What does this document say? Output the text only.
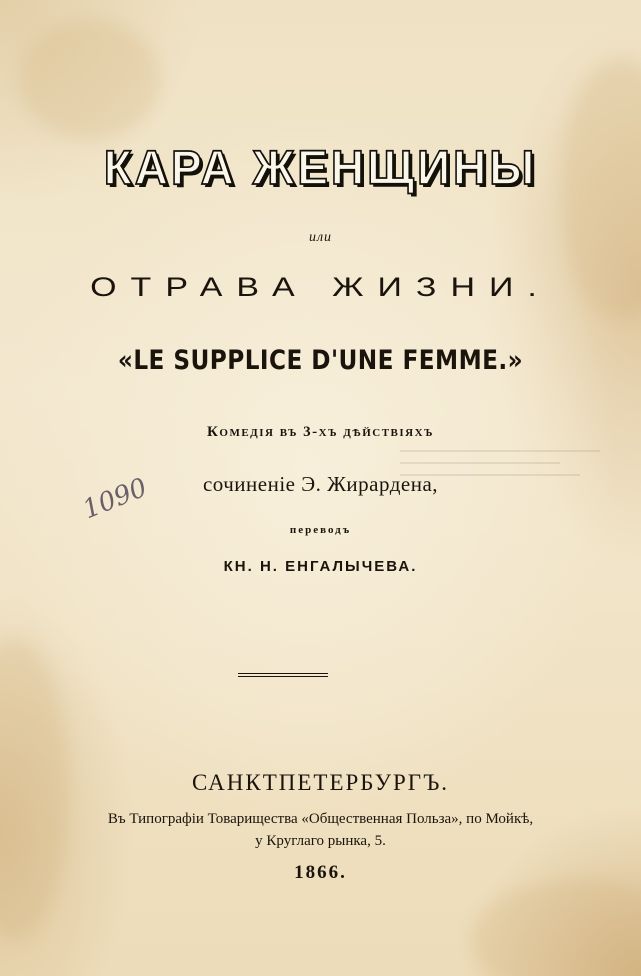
КАРА ЖЕНЩИНЫ
или
ОТРАВА ЖИЗНИ.
«LE SUPPLICE D'UNE FEMME.»
Комедія въ 3-хъ дѣйствіяхъ
сочиненіе Э. Жирардена,
переводъ
КН. Н. ЕНГАЛЫЧЕВА.
1090
САНКТПЕТЕРБУРГЪ.
Въ Типографіи Товарищества «Общественная Польза», по Мойкѣ,
у Круглаго рынка, 5.
1866.
